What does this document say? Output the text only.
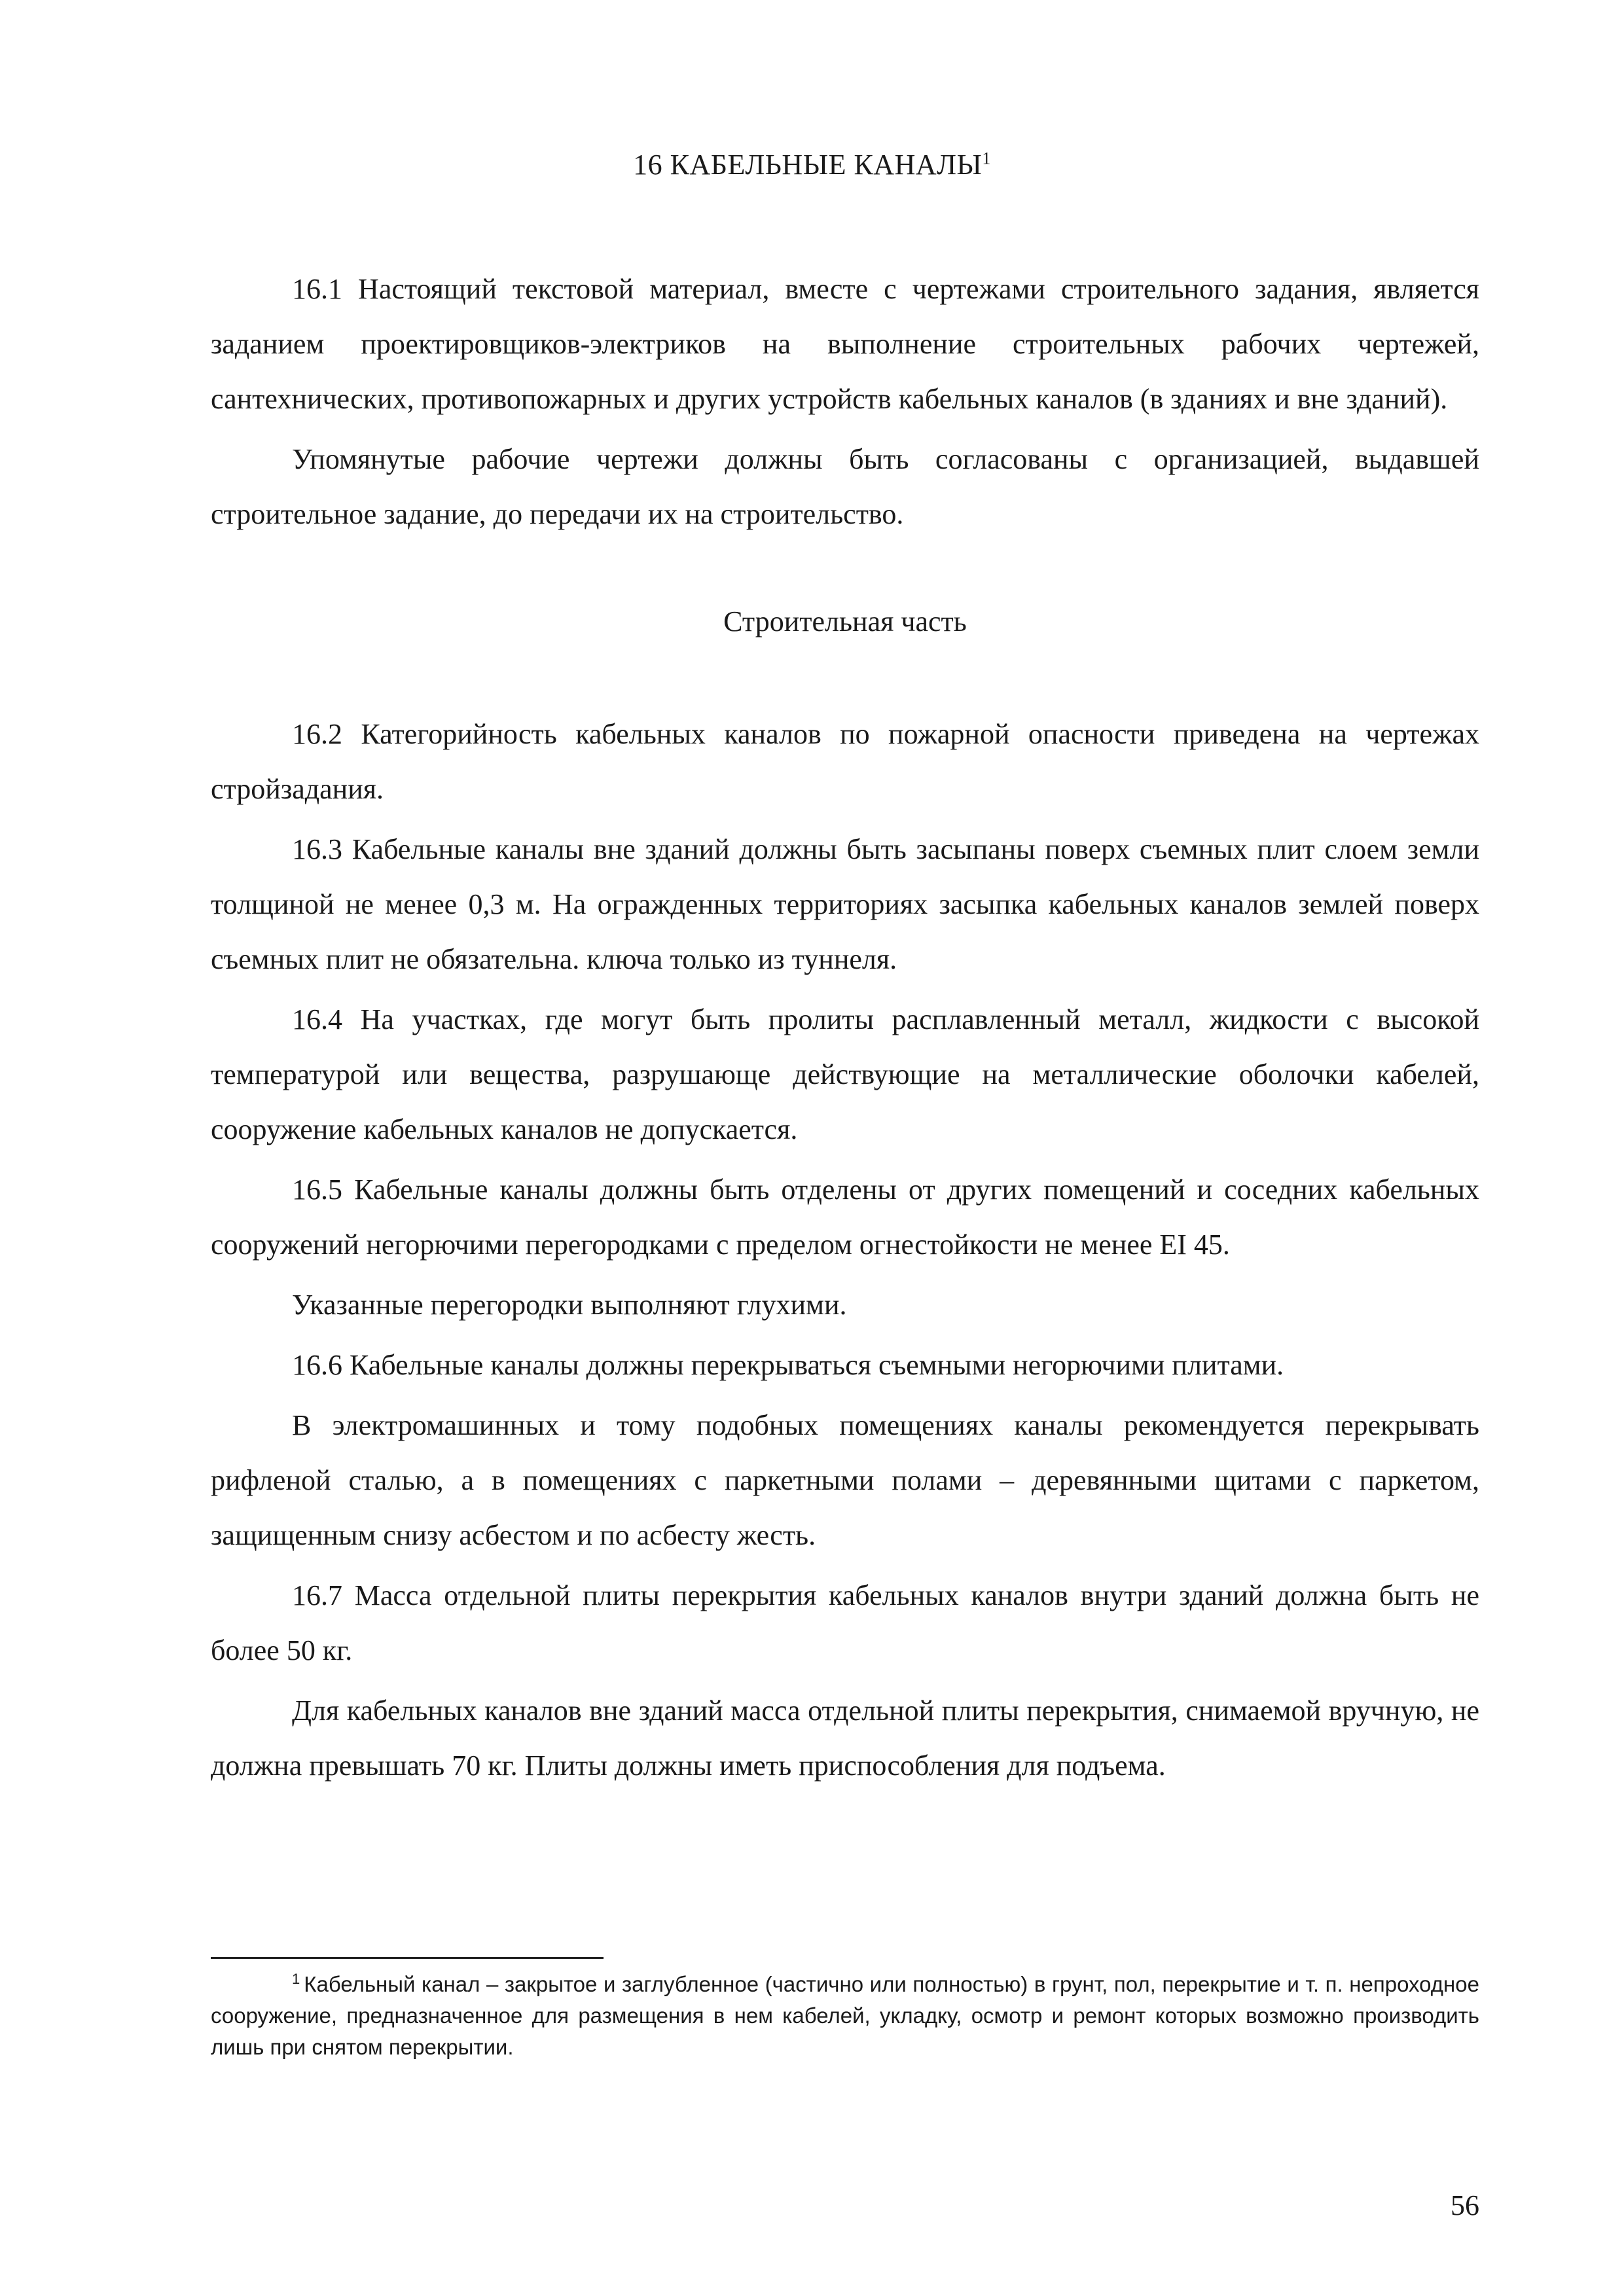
16 КАБЕЛЬНЫЕ КАНАЛЫ$^1$

16.1 Настоящий текстовой материал, вместе с чертежами строительного задания, является заданием проектировщиков-электриков на выполнение строительных рабочих чертежей, сантехнических, противопожарных и других устройств кабельных каналов (в зданиях и вне зданий).

Упомянутые рабочие чертежи должны быть согласованы с организацией, выдавшей строительное задание, до передачи их на строительство.

Строительная часть

16.2 Категорийность кабельных каналов по пожарной опасности приведена на чертежах стройзадания.

16.3 Кабельные каналы вне зданий должны быть засыпаны поверх съемных плит слоем земли толщиной не менее 0,3 м. На огражденных территориях засыпка кабельных каналов землей поверх съемных плит не обязательна. ключа только из туннеля.

16.4 На участках, где могут быть пролиты расплавленный металл, жидкости с высокой температурой или вещества, разрушающе действующие на металлические оболочки кабелей, сооружение кабельных каналов не допускается.

16.5 Кабельные каналы должны быть отделены от других помещений и соседних кабельных сооружений негорючими перегородками с пределом огнестойкости не менее EI 45.

Указанные перегородки выполняют глухими.

16.6 Кабельные каналы должны перекрываться съемными негорючими плитами.

В электромашинных и тому подобных помещениях каналы рекомендуется перекрывать рифленой сталью, а в помещениях с паркетными полами – деревянными щитами с паркетом, защищенным снизу асбестом и по асбесту жесть.

16.7 Масса отдельной плиты перекрытия кабельных каналов внутри зданий должна быть не более 50 кг.

Для кабельных каналов вне зданий масса отдельной плиты перекрытия, снимаемой вручную, не должна превышать 70 кг. Плиты должны иметь приспособления для подъема.

$^1$ Кабельный канал – закрытое и заглубленное (частично или полностью) в грунт, пол, перекрытие и т. п. непроходное сооружение, предназначенное для размещения в нем кабелей, укладку, осмотр и ремонт которых возможно производить лишь при снятом перекрытии.
56
